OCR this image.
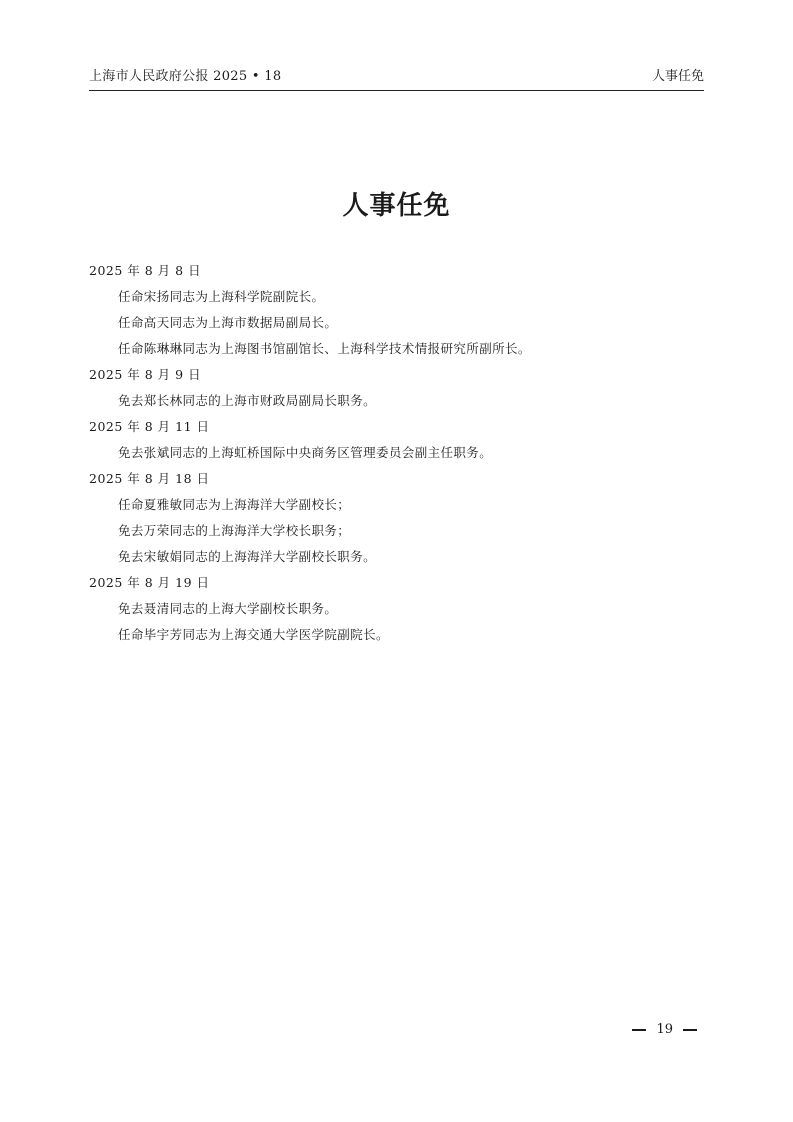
上海市人民政府公报 2025 • 18	人事任免
人事任免
2025 年 8 月 8 日
任命宋扬同志为上海科学院副院长。
任命高天同志为上海市数据局副局长。
任命陈琳琳同志为上海图书馆副馆长、上海科学技术情报研究所副所长。
2025 年 8 月 9 日
免去郑长林同志的上海市财政局副局长职务。
2025 年 8 月 11 日
免去张斌同志的上海虹桥国际中央商务区管理委员会副主任职务。
2025 年 8 月 18 日
任命夏雅敏同志为上海海洋大学副校长；
免去万荣同志的上海海洋大学校长职务；
免去宋敏娟同志的上海海洋大学副校长职务。
2025 年 8 月 19 日
免去聂清同志的上海大学副校长职务。
任命毕宇芳同志为上海交通大学医学院副院长。
19
